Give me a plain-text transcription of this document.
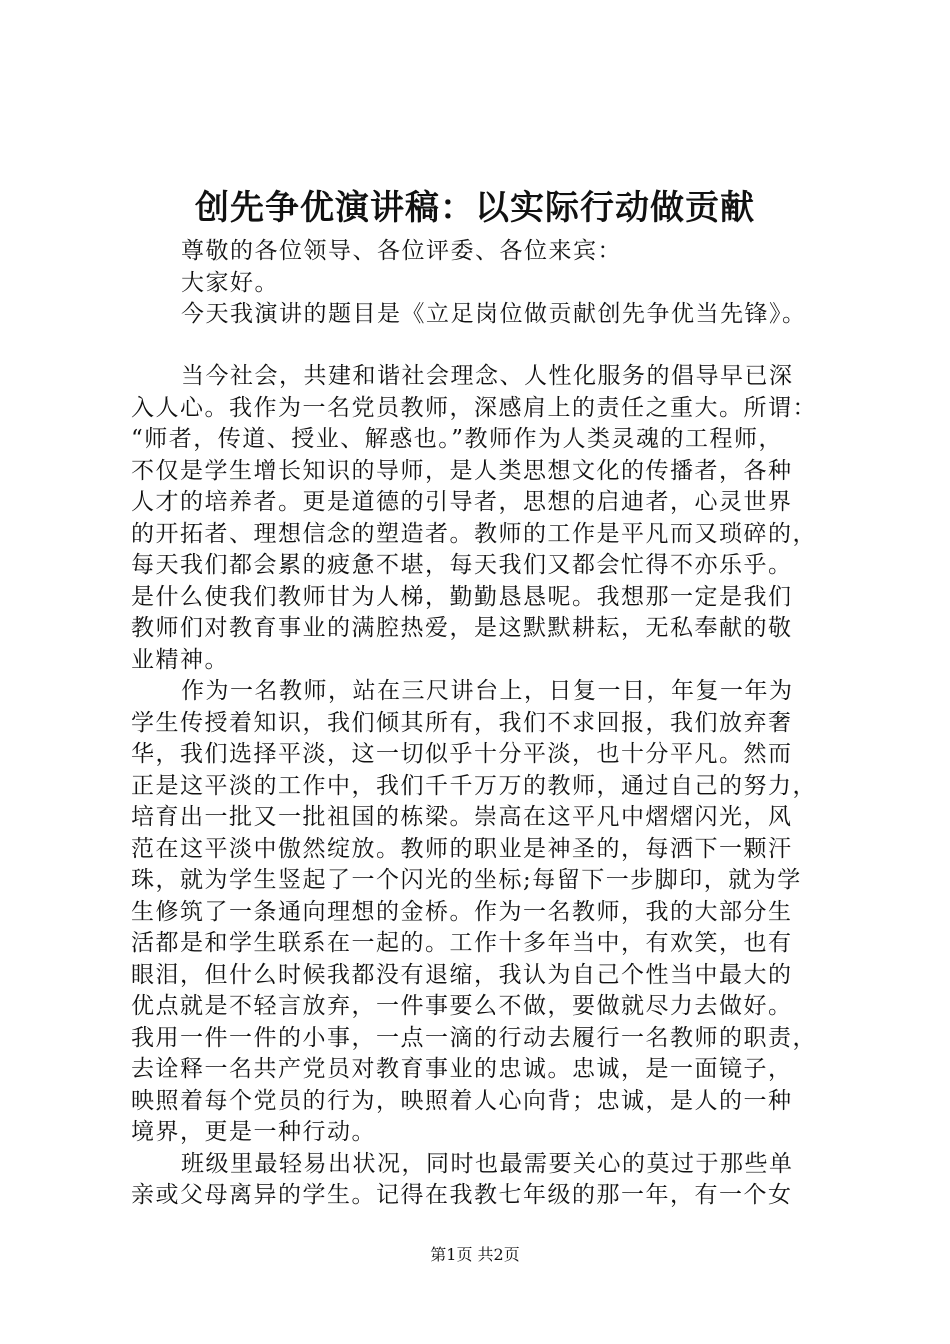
创先争优演讲稿：以实际行动做贡献

尊敬的各位领导、各位评委、各位来宾：

大家好。

今天我演讲的题目是《立足岗位做贡献创先争优当先锋》。

当今社会，共建和谐社会理念、人性化服务的倡导早已深

入人心。我作为一名党员教师，深感肩上的责任之重大。所谓：

“师者，传道、授业、解惑也。”教师作为人类灵魂的工程师，

不仅是学生增长知识的导师，是人类思想文化的传播者，各种

人才的培养者。更是道德的引导者，思想的启迪者，心灵世界

的开拓者、理想信念的塑造者。教师的工作是平凡而又琐碎的，

每天我们都会累的疲惫不堪，每天我们又都会忙得不亦乐乎。

是什么使我们教师甘为人梯，勤勤恳恳呢。我想那一定是我们

教师们对教育事业的满腔热爱，是这默默耕耘，无私奉献的敬

业精神。

作为一名教师，站在三尺讲台上，日复一日，年复一年为

学生传授着知识，我们倾其所有，我们不求回报，我们放弃奢

华，我们选择平淡，这一切似乎十分平淡，也十分平凡。然而

正是这平淡的工作中，我们千千万万的教师，通过自己的努力，

培育出一批又一批祖国的栋梁。崇高在这平凡中熠熠闪光，风

范在这平淡中傲然绽放。教师的职业是神圣的，每洒下一颗汗

珠，就为学生竖起了一个闪光的坐标;每留下一步脚印，就为学

生修筑了一条通向理想的金桥。作为一名教师，我的大部分生

活都是和学生联系在一起的。工作十多年当中，有欢笑，也有

眼泪，但什么时候我都没有退缩，我认为自己个性当中最大的

优点就是不轻言放弃，一件事要么不做，要做就尽力去做好。

我用一件一件的小事，一点一滴的行动去履行一名教师的职责，

去诠释一名共产党员对教育事业的忠诚。忠诚，是一面镜子，

映照着每个党员的行为，映照着人心向背；忠诚，是人的一种

境界，更是一种行动。

班级里最轻易出状况，同时也最需要关心的莫过于那些单

亲或父母离异的学生。记得在我教七年级的那一年，有一个女

第1页 共2页
